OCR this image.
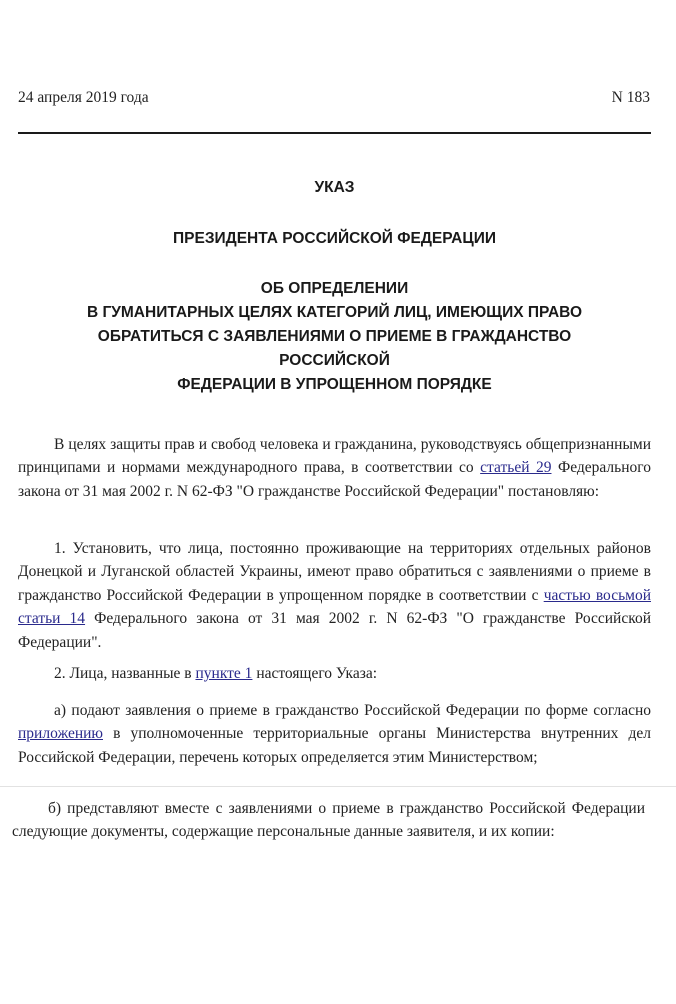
24 апреля 2019 года	N 183
УКАЗ
ПРЕЗИДЕНТА РОССИЙСКОЙ ФЕДЕРАЦИИ
ОБ ОПРЕДЕЛЕНИИ
В ГУМАНИТАРНЫХ ЦЕЛЯХ КАТЕГОРИЙ ЛИЦ, ИМЕЮЩИХ ПРАВО
ОБРАТИТЬСЯ С ЗАЯВЛЕНИЯМИ О ПРИЕМЕ В ГРАЖДАНСТВО
РОССИЙСКОЙ
ФЕДЕРАЦИИ В УПРОЩЕННОМ ПОРЯДКЕ

В целях защиты прав и свобод человека и гражданина, руководствуясь общепризнанными принципами и нормами международного права, в соответствии со статьей 29 Федерального закона от 31 мая 2002 г. N 62-ФЗ "О гражданстве Российской Федерации" постановляю:

1. Установить, что лица, постоянно проживающие на территориях отдельных районов Донецкой и Луганской областей Украины, имеют право обратиться с заявлениями о приеме в гражданство Российской Федерации в упрощенном порядке в соответствии с частью восьмой статьи 14 Федерального закона от 31 мая 2002 г. N 62-ФЗ "О гражданстве Российской Федерации".

2. Лица, названные в пункте 1 настоящего Указа:

а) подают заявления о приеме в гражданство Российской Федерации по форме согласно приложению в уполномоченные территориальные органы Министерства внутренних дел Российской Федерации, перечень которых определяется этим Министерством;

б) представляют вместе с заявлениями о приеме в гражданство Российской Федерации следующие документы, содержащие персональные данные заявителя, и их копии:
